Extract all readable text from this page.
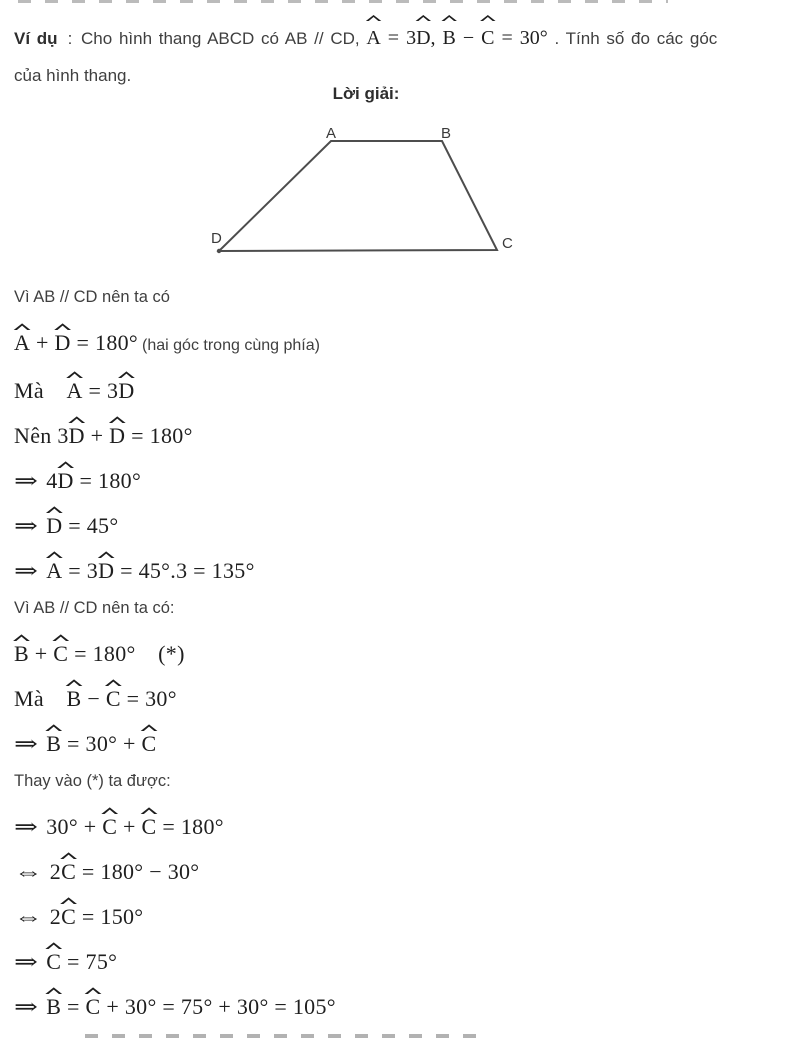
Ví dụ : Cho hình thang ABCD có AB // CD, A
= 3D
, B
− C
= 30° . Tính số đo các góc

của hình thang.

Lời giải:
A	B
C
D
Vì AB // CD nên ta có
A
+ D
= 180° (hai góc trong cùng phía)
Mà  A
= 3D
Nên 3D
+ D
= 180°
⇒ 4D
= 180°
⇒ D
= 45°
⇒ A
= 3D
= 45°.3 = 135°
Vì AB // CD nên ta có:
B
+ C
= 180°  (*)
Mà  B
− C
= 30°
⇒ B
= 30° + C
Thay vào (*) ta được:
⇒ 30° + C
+ C
= 180°
⇔ 2C
= 180° − 30°
⇔ 2C
= 150°
⇒ C
= 75°
⇒ B
= C
+ 30° = 75° + 30° = 105°
